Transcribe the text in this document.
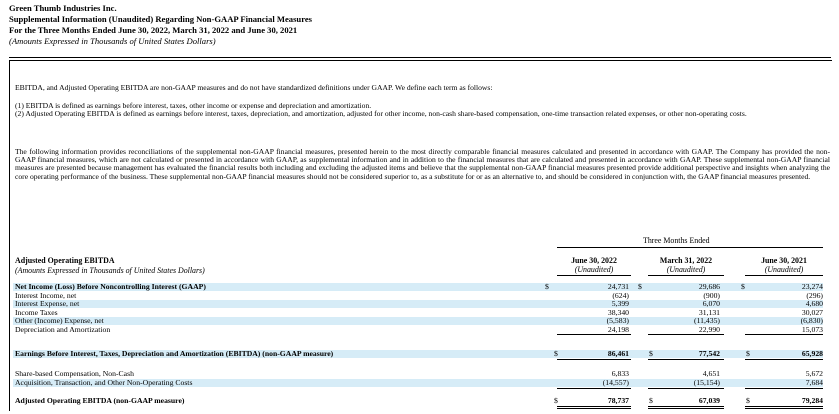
Green Thumb Industries Inc.
Supplemental Information (Unaudited) Regarding Non-GAAP Financial Measures
For the Three Months Ended June 30, 2022, March 31, 2022 and June 30, 2021
(Amounts Expressed in Thousands of United States Dollars)
EBITDA, and Adjusted Operating EBITDA are non-GAAP measures and do not have standardized definitions under GAAP. We define each term as follows:
(1) EBITDA is defined as earnings before interest, taxes, other income or expense and depreciation and amortization.
(2) Adjusted Operating EBITDA is defined as earnings before interest, taxes, depreciation, and amortization, adjusted for other income, non-cash share-based compensation, one-time transaction related expenses, or other non-operating costs.
The following information provides reconciliations of the supplemental non-GAAP financial measures, presented herein to the most directly comparable financial measures calculated and presented in accordance with GAAP. The Company has provided the non-GAAP financial measures, which are not calculated or presented in accordance with GAAP, as supplemental information and in addition to the financial measures that are calculated and presented in accordance with GAAP. These supplemental non-GAAP financial measures are presented because management has evaluated the financial results both including and excluding the adjusted items and believe that the supplemental non-GAAP financial measures presented provide additional perspective and insights when analyzing the core operating performance of the business. These supplemental non-GAAP financial measures should not be considered superior to, as a substitute for or as an alternative to, and should be considered in conjunction with, the GAAP financial measures presented.
Three Months Ended
Adjusted Operating EBITDA
(Amounts Expressed in Thousands of United States Dollars)
June 30, 2022
(Unaudited)
March 31, 2022
(Unaudited)
June 30, 2021
(Unaudited)
Net Income (Loss) Before Noncontrolling Interest (GAAP)	$	24,731 $	29,686	$	23,274
Interest Income, net	(624)	(900)	(296)
Interest Expense, net	5,399	6,070	4,680
Income Taxes	38,340	31,131	30,027
Other (Income) Expense, net	(5,583)	(11,435)	(6,830)
Depreciation and Amortization	24,198	22,990	15,073
Earnings Before Interest, Taxes, Depreciation and Amortization (EBITDA) (non-GAAP measure)	$	86,461	$	77,542	$	65,928
Share-based Compensation, Non-Cash	6,833	4,651	5,672
Acquisition, Transaction, and Other Non-Operating Costs	(14,557)	(15,154)	7,684
Adjusted Operating EBITDA (non-GAAP measure)	$	78,737	$	67,039	$	79,284
